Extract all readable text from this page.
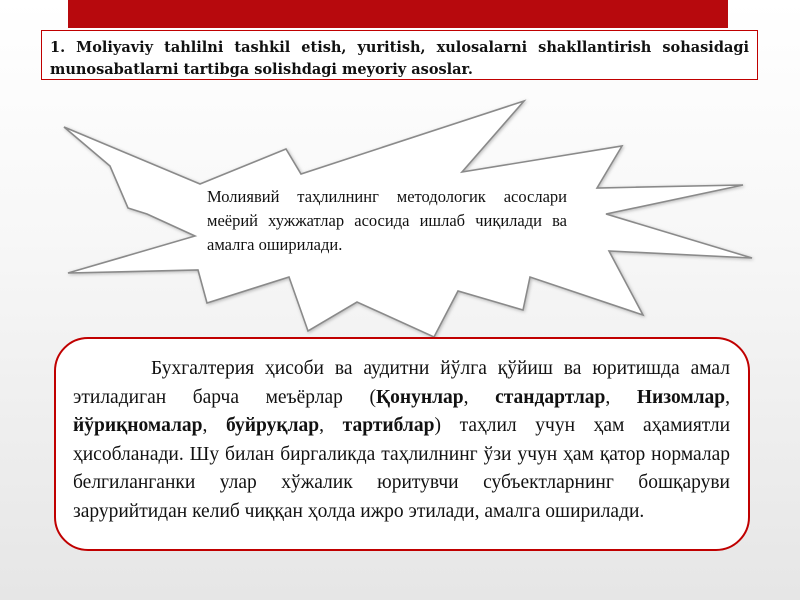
1. Moliyaviy tahlilni tashkil etish, yuritish, xulosalarni shakllantirish sohasidagi munosabatlarni tartibga solishdagi meyoriy asoslar.
Молиявий таҳлилнинг методологик асослари меёрий хужжатлар асосида ишлаб чиқилади ва амалга оширилади.
Бухгалтерия ҳисоби ва аудитни йўлга қўйиш ва юритишда амал этиладиган барча меъёрлар (Қонунлар, стандартлар, Низомлар, йўриқномалар, буйруқлар, тартиблар) таҳлил учун ҳам аҳамиятли ҳисобланади. Шу билан биргаликда таҳлилнинг ўзи учун ҳам қатор нормалар белгиланганки улар хўжалик юритувчи субъектларнинг бошқаруви зарурийтидан келиб чиққан ҳолда ижро этилади, амалга оширилади.
